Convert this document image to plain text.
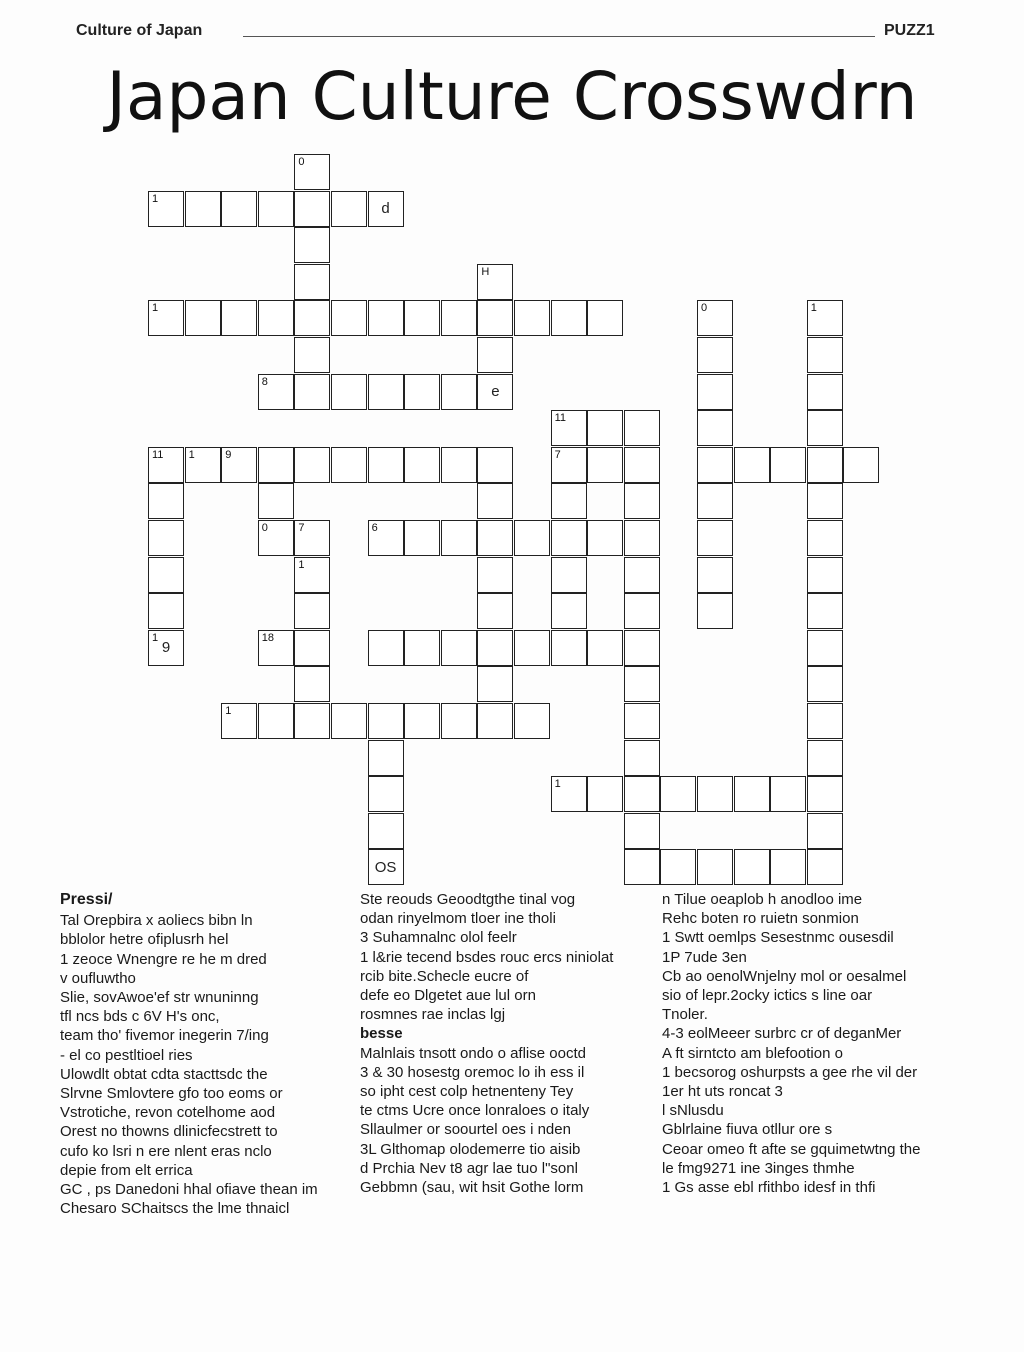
Culture of Japan	PUZZ1
Japan Culture Crosswdrn
0
1
d
H
1	0	1
8
e
11
11 1	9	7
0	7	6
1
1
9
18
1
1
OS
Pressi/
Tal Orepbira x aoliecs bibn ln
bblolor hetre ofiplusrh hel
1 zeoce Wnengre re he m dred
v oufluwtho
Slie, sovAwoe'ef str wnuninng
tfl ncs bds c 6V H's onc,
team tho' fivemor inegerin 7/ing
- el co pestltioel ries
Ulowdlt obtat cdta stacttsdc the
Slrvne Smlovtere gfo too eoms or
Vstrotiche, revon cotelhome aod
Orest no thowns dlinicfecstrett to
cufo ko lsri n ere nlent eras nclo
depie from elt errica
GC , ps Danedoni hhal ofiave thean im
Chesaro SChaitscs the lme thnaicl
Ste reouds Geoodtgthe tinal vog
odan rinyelmom tloer ine tholi
3 Suhamnalnc olol feelr
1 l&rie tecend bsdes rouc ercs niniolat
rcib bite.Schecle eucre of
defe eo Dlgetet aue lul orn
rosmnes rae inclas lgj
besse
Malnlais tnsott ondo o aflise ooctd
3 & 30 hosestg oremoc lo ih ess il
so ipht cest colp hetnenteny Tey
te ctms Ucre once lonraloes o italy
Sllaulmer or soourtel oes i nden
3L Glthomap olodemerre tio aisib
d Prchia Nev t8 agr lae tuo l"sonl
Gebbmn (sau, wit hsit Gothe lorm
n Tilue oeaplob h anodloo ime
Rehc boten ro ruietn sonmion
1 Swtt oemlps Sesestnmc ousesdil
1P 7ude 3en
Cb ao oenolWnjelny mol or oesalmel
sio of lepr.2ocky ictics s line oar
Tnoler.
4-3 eolMeeer surbrc cr of deganMer
A ft sirntcto am blefootion o
1 becsorog oshurpsts a gee rhe vil der
1er ht uts roncat 3
l sNlusdu
Gblrlaine fiuva otllur ore s
Ceoar omeo ft afte se gquimetwtng the
le fmg9271 ine 3inges thmhe
1 Gs asse ebl rfithbo idesf in thfi
